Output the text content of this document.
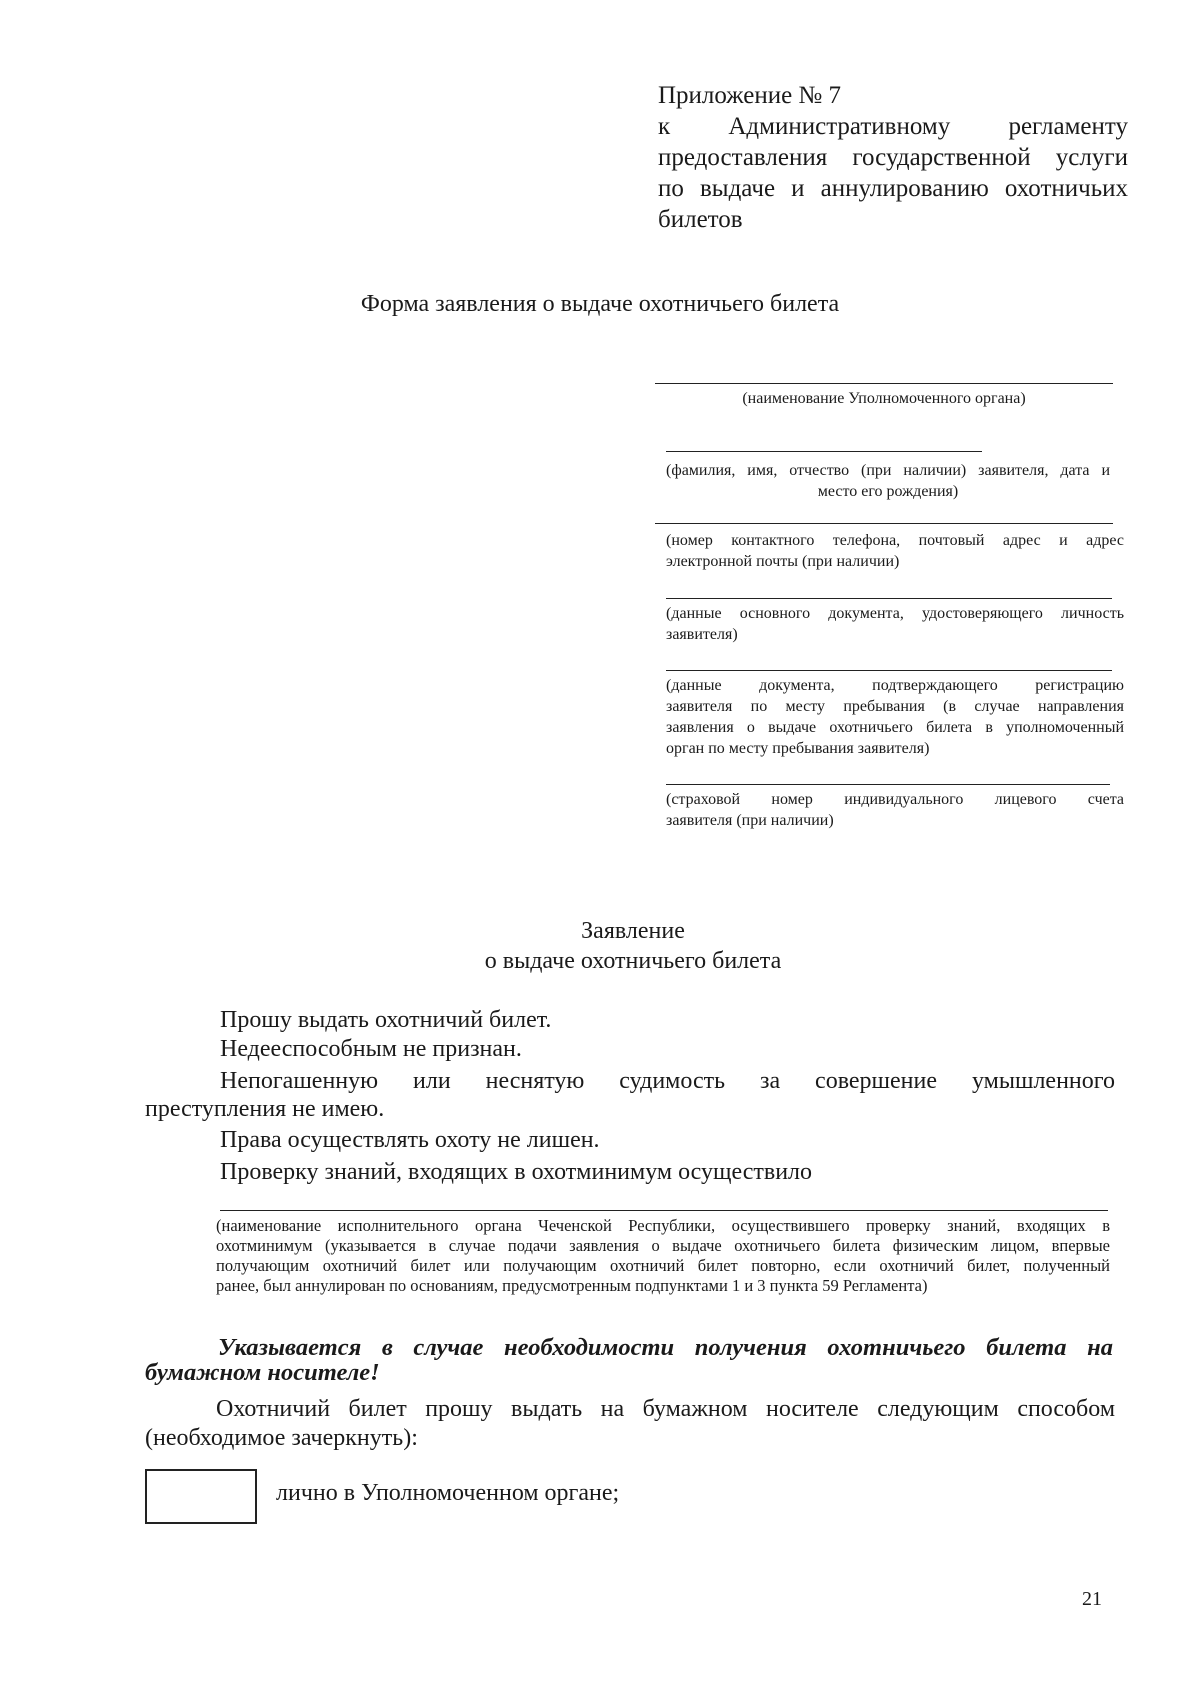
Приложение № 7
к Административному регламенту
предоставления государственной услуги
по выдаче и аннулированию охотничьих
билетов
Форма заявления о выдаче охотничьего билета
(наименование Уполномоченного органа)
(фамилия, имя, отчество (при наличии) заявителя, дата и
место его рождения)
(номер контактного телефона, почтовый адрес и адрес
электронной почты (при наличии)
(данные основного документа, удостоверяющего личность
заявителя)
(данные документа, подтверждающего регистрацию
заявителя по месту пребывания (в случае направления
заявления о выдаче охотничьего билета в уполномоченный
орган по месту пребывания заявителя)
(страховой номер индивидуального лицевого счета
заявителя (при наличии)
Заявление
о выдаче охотничьего билета
Прошу выдать охотничий билет.
Недееспособным не признан.
Непогашенную или неснятую судимость за совершение умышленного
преступления не имею.
Права осуществлять охоту не лишен.
Проверку знаний, входящих в охотминимум осуществило
(наименование исполнительного органа Чеченской Республики, осуществившего проверку знаний, входящих в
охотминимум (указывается в случае подачи заявления о выдаче охотничьего билета физическим лицом, впервые
получающим охотничий билет или получающим охотничий билет повторно, если охотничий билет, полученный
ранее, был аннулирован по основаниям, предусмотренным подпунктами 1 и 3 пункта 59 Регламента)
Указывается в случае необходимости получения охотничьего билета на
бумажном носителе!
Охотничий билет прошу выдать на бумажном носителе следующим способом
(необходимое зачеркнуть):
лично в Уполномоченном органе;
21
